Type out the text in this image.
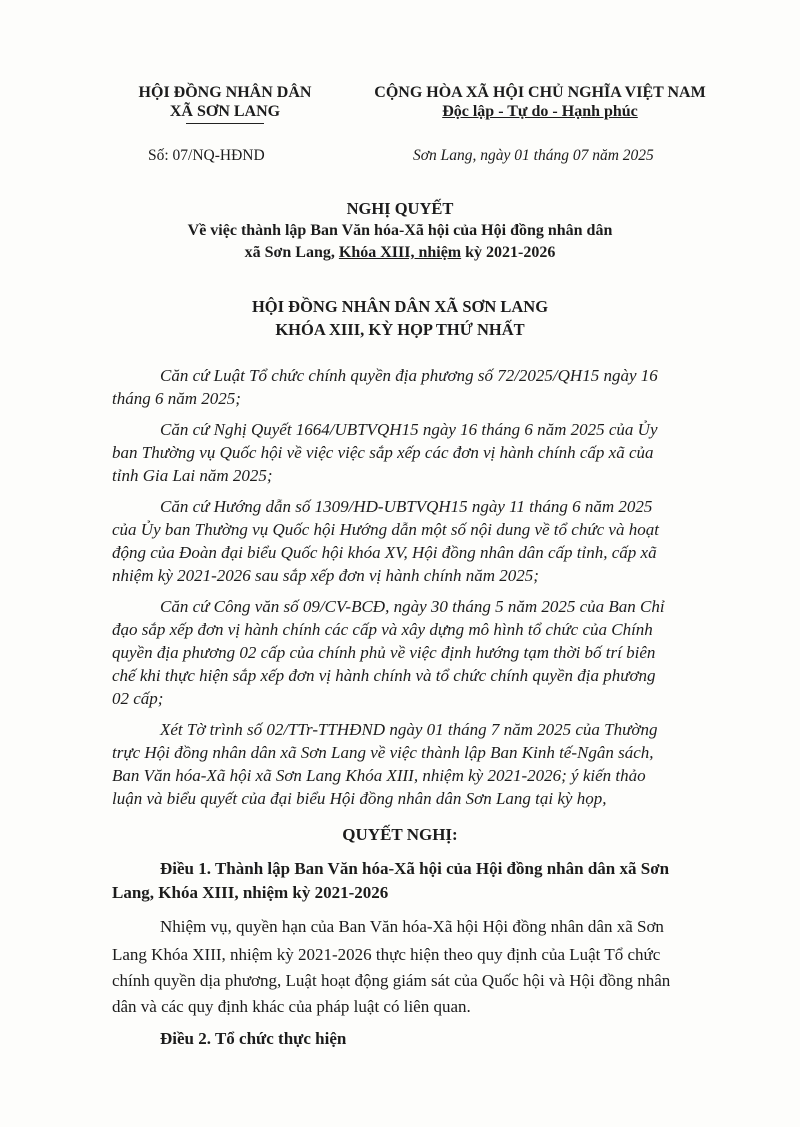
HỘI ĐỒNG NHÂN DÂN
XÃ SƠN LANG
CỘNG HÒA XÃ HỘI CHỦ NGHĨA VIỆT NAM
Độc lập - Tự do - Hạnh phúc
Số: 07/NQ-HĐND	Sơn Lang, ngày 01 tháng 07 năm 2025
NGHỊ QUYẾT
Về việc thành lập Ban Văn hóa-Xã hội của Hội đồng nhân dân
xã Sơn Lang, Khóa XIII, nhiệm kỳ 2021-2026
HỘI ĐỒNG NHÂN DÂN XÃ SƠN LANG
KHÓA XIII, KỲ HỌP THỨ NHẤT
Căn cứ Luật Tổ chức chính quyền địa phương số 72/2025/QH15 ngày 16
tháng 6 năm 2025;
Căn cứ Nghị Quyết 1664/UBTVQH15 ngày 16 tháng 6 năm 2025 của Ủy
ban Thường vụ Quốc hội về việc việc sắp xếp các đơn vị hành chính cấp xã của
tỉnh Gia Lai năm 2025;
Căn cứ Hướng dẫn số 1309/HD-UBTVQH15 ngày 11 tháng 6 năm 2025
của Ủy ban Thường vụ Quốc hội Hướng dẫn một số nội dung về tổ chức và hoạt
động của Đoàn đại biểu Quốc hội khóa XV, Hội đồng nhân dân cấp tỉnh, cấp xã
nhiệm kỳ 2021-2026 sau sắp xếp đơn vị hành chính năm 2025;
Căn cứ Công văn số 09/CV-BCĐ, ngày 30 tháng 5 năm 2025 của Ban Chỉ
đạo sắp xếp đơn vị hành chính các cấp và xây dựng mô hình tổ chức của Chính
quyền địa phương 02 cấp của chính phủ về việc định hướng tạm thời bố trí biên
chế khi thực hiện sắp xếp đơn vị hành chính và tổ chức chính quyền địa phương
02 cấp;
Xét Tờ trình số 02/TTr-TTHĐND ngày 01 tháng 7 năm 2025 của Thường
trực Hội đồng nhân dân xã Sơn Lang về việc thành lập Ban Kinh tế-Ngân sách,
Ban Văn hóa-Xã hội xã Sơn Lang Khóa XIII, nhiệm kỳ 2021-2026; ý kiến thảo
luận và biểu quyết của đại biểu Hội đồng nhân dân Sơn Lang tại kỳ họp,
QUYẾT NGHỊ:
Điều 1. Thành lập Ban Văn hóa-Xã hội của Hội đồng nhân dân xã Sơn
Lang, Khóa XIII, nhiệm kỳ 2021-2026
Nhiệm vụ, quyền hạn của Ban Văn hóa-Xã hội Hội đồng nhân dân xã Sơn
Lang Khóa XIII, nhiệm kỳ 2021-2026 thực hiện theo quy định của Luật Tổ chức
chính quyền dịa phương, Luật hoạt động giám sát của Quốc hội và Hội đồng nhân
dân và các quy định khác của pháp luật có liên quan.
Điều 2. Tổ chức thực hiện
